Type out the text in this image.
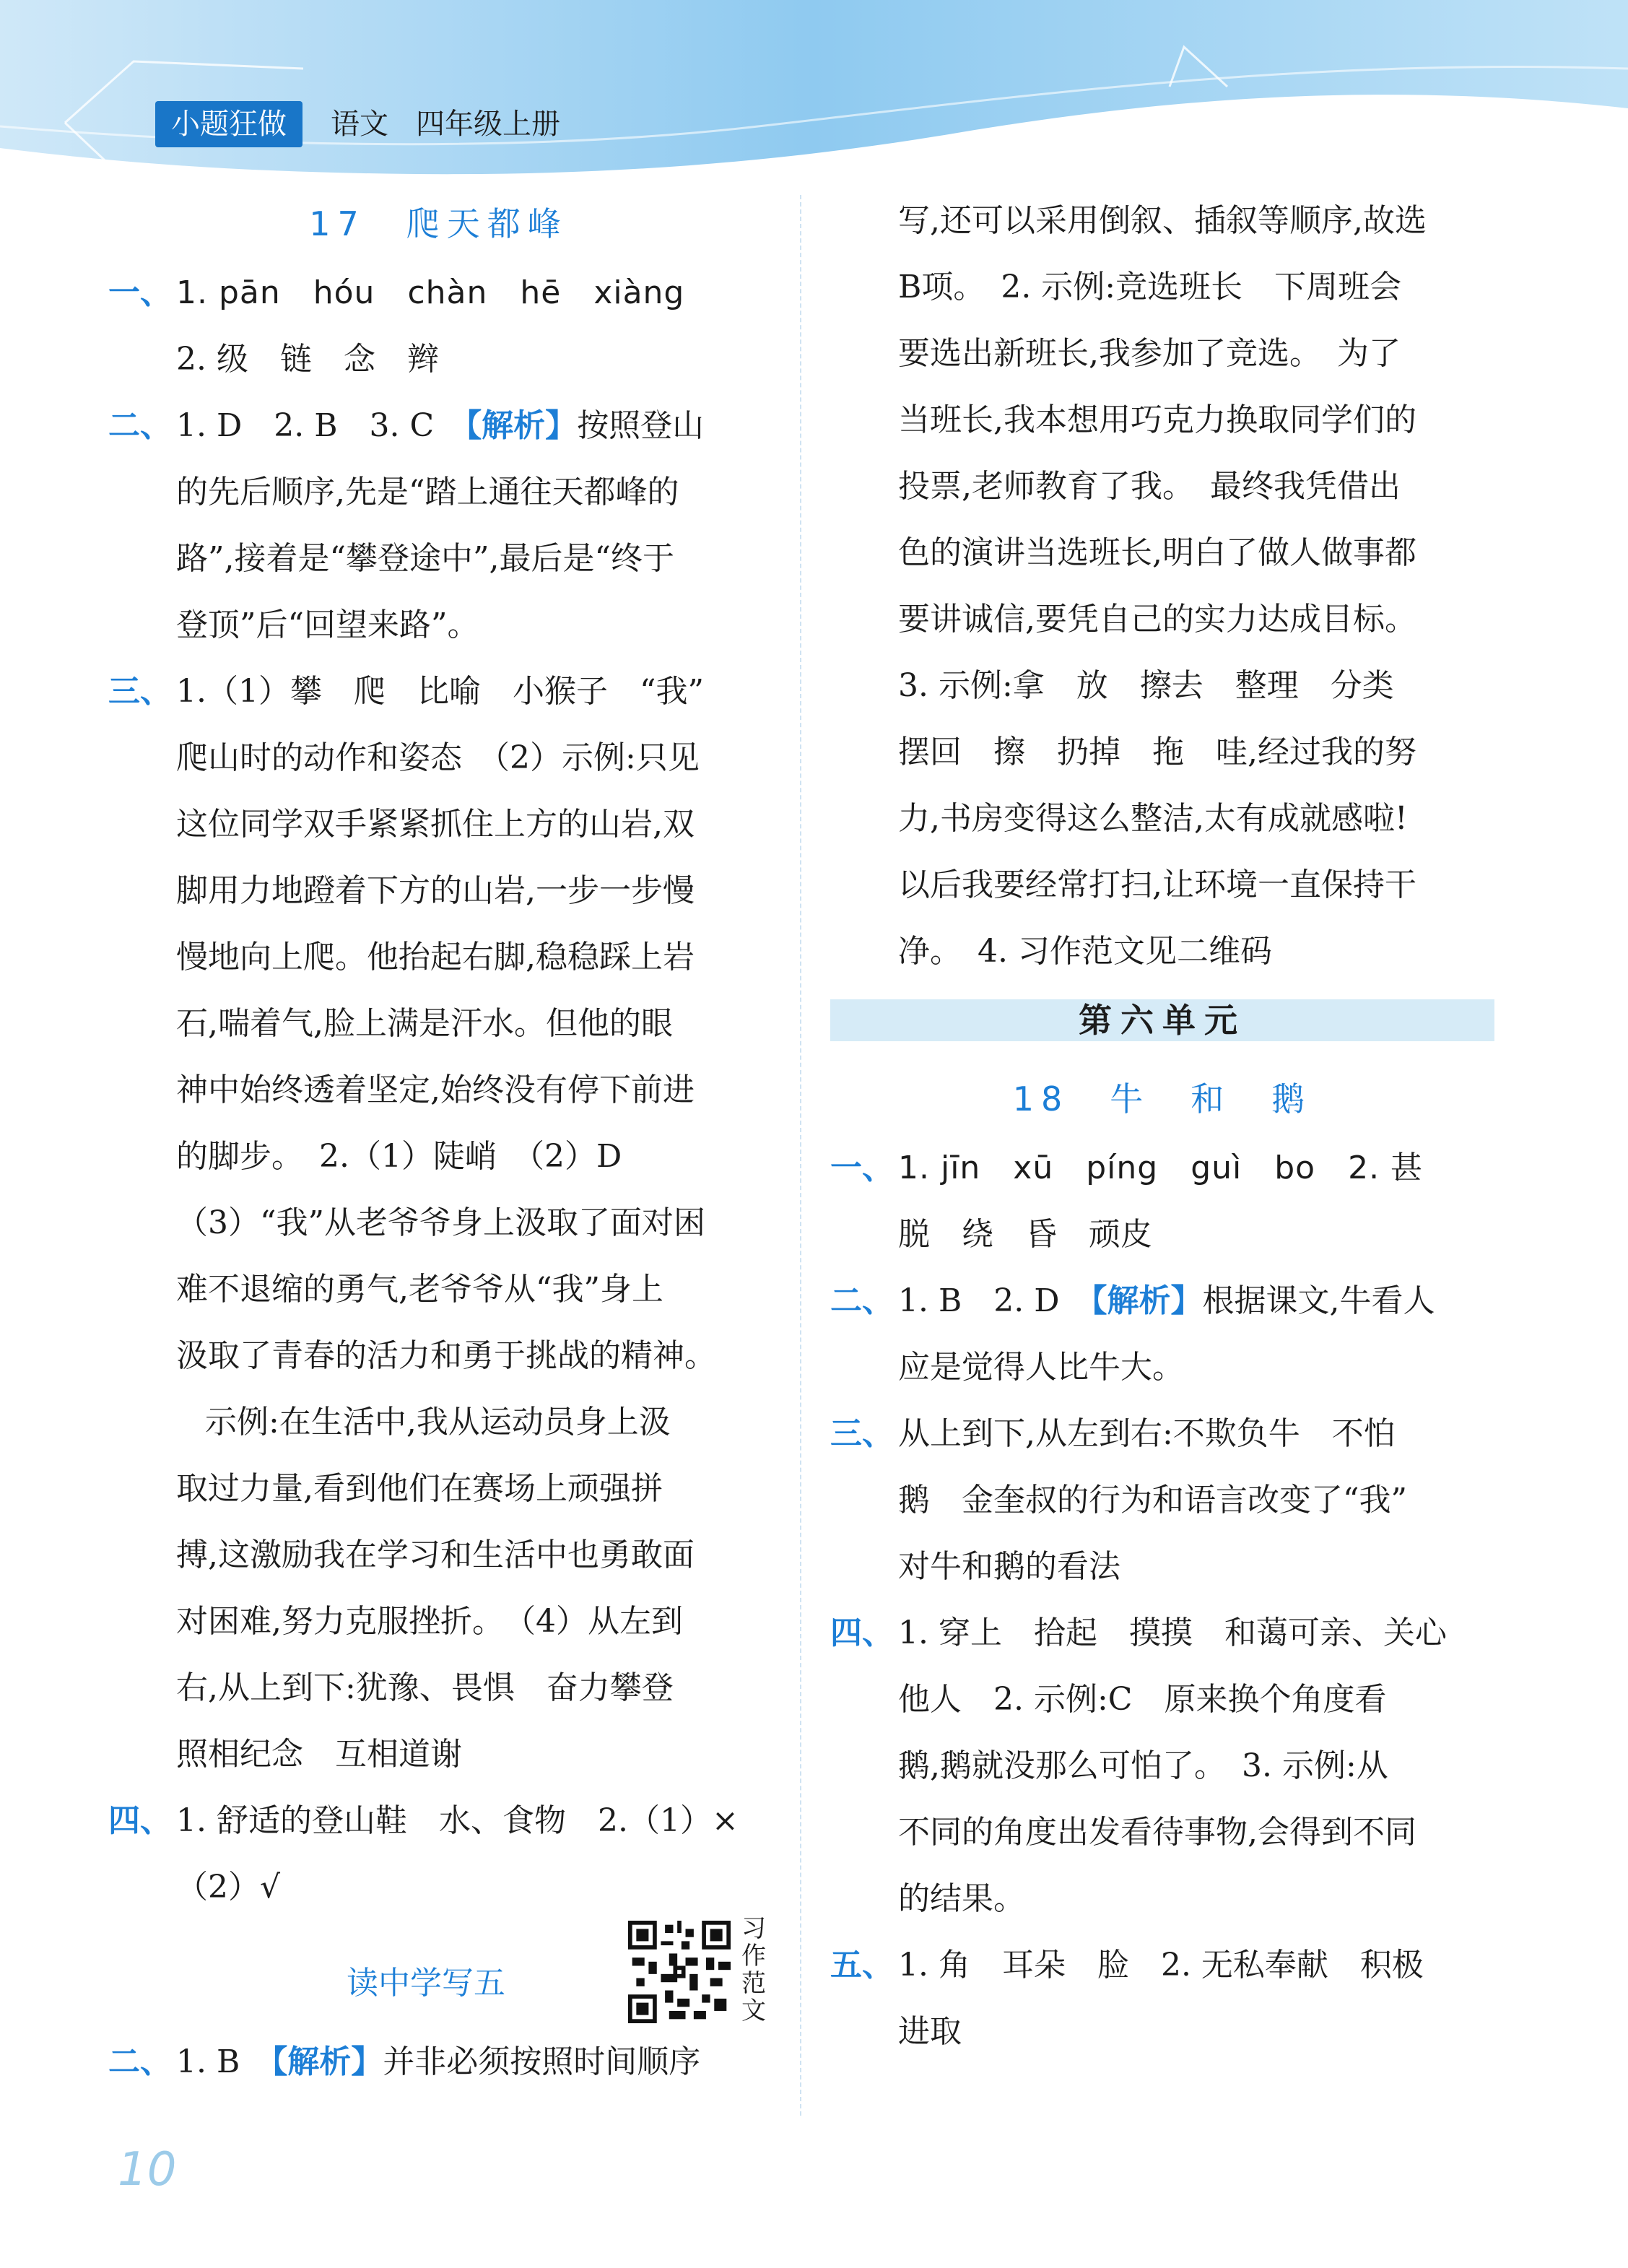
小题狂做	语文 四年级上册
17　爬天都峰
一、 1. pān　hóu　chàn　hē　xiàng
2. 级　链　念　辫
二、 1. D　2. B　3. C　【解析】按照登山
的先后顺序,先是“踏上通往天都峰的
路”,接着是“攀登途中”,最后是“终于
登顶”后“回望来路”。
三、 1.（1）攀　爬　比喻　小猴子　“我”
爬山时的动作和姿态　（2）示例:只见
这位同学双手紧紧抓住上方的山岩,双
脚用力地蹬着下方的山岩,一步一步慢
慢地向上爬。他抬起右脚,稳稳踩上岩
石,喘着气,脸上满是汗水。但他的眼
神中始终透着坚定,始终没有停下前进
的脚步。　2.（1）陡峭　（2）D
（3）“我”从老爷爷身上汲取了面对困
难不退缩的勇气,老爷爷从“我”身上
汲取了青春的活力和勇于挑战的精神。
示例:在生活中,我从运动员身上汲
取过力量,看到他们在赛场上顽强拼
搏,这激励我在学习和生活中也勇敢面
对困难,努力克服挫折。　（4）从左到
右,从上到下:犹豫、畏惧　奋力攀登
照相纪念　互相道谢
四、 1. 舒适的登山鞋　水、食物　2.（1）×
（2）√
读中学写五
习作范文
二、 1. B　【解析】并非必须按照时间顺序
写,还可以采用倒叙、插叙等顺序,故选
B项。　2. 示例:竞选班长　下周班会
要选出新班长,我参加了竞选。　为了
当班长,我本想用巧克力换取同学们的
投票,老师教育了我。　最终我凭借出
色的演讲当选班长,明白了做人做事都
要讲诚信,要凭自己的实力达成目标。
3. 示例:拿　放　擦去　整理　分类
摆回　擦　扔掉　拖　哇,经过我的努
力,书房变得这么整洁,太有成就感啦!
以后我要经常打扫,让环境一直保持干
净。　4. 习作范文见二维码
第六单元
18　牛　和　鹅
一、 1. jīn　xū　píng　guì　bo　2. 甚
脱　绕　昏　顽皮
二、 1. B　2. D　【解析】根据课文,牛看人
应是觉得人比牛大。
三、 从上到下,从左到右:不欺负牛　不怕
鹅　金奎叔的行为和语言改变了“我”
对牛和鹅的看法
四、 1. 穿上　拾起　摸摸　和蔼可亲、关心
他人　2. 示例:C　原来换个角度看
鹅,鹅就没那么可怕了。　3. 示例:从
不同的角度出发看待事物,会得到不同
的结果。
五、 1. 角　耳朵　脸　2. 无私奉献　积极
进取
10
